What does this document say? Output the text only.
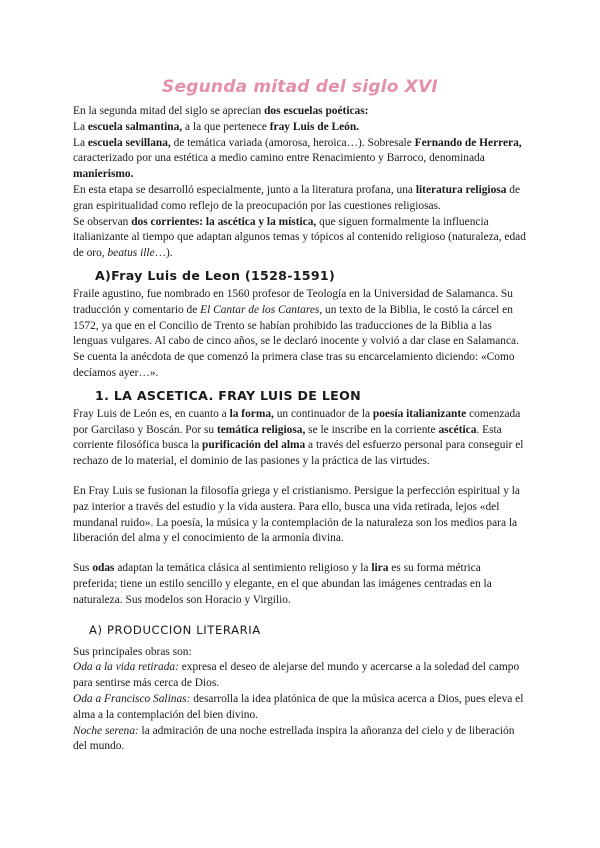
Segunda mitad del siglo XVI

En la segunda mitad del siglo se aprecian dos escuelas poéticas:

La escuela salmantina, a la que pertenece fray Luis de León.

La escuela sevillana, de temática variada (amorosa, heroica…). Sobresale Fernando de Herrera, caracterizado por una estética a medio camino entre Renacimiento y Barroco, denominada manierismo.

En esta etapa se desarrolló especialmente, junto a la literatura profana, una literatura religiosa de gran espiritualidad como reflejo de la preocupación por las cuestiones religiosas.

Se observan dos corrientes: la ascética y la mística, que siguen formalmente la influencia italianizante al tiempo que adaptan algunos temas y tópicos al contenido religioso (naturaleza, edad de oro, beatus ille…).

A)Fray Luis de Leon (1528-1591)

Fraile agustino, fue nombrado en 1560 profesor de Teología en la Universidad de Salamanca. Su traducción y comentario de El Cantar de los Cantares, un texto de la Biblia, le costó la cárcel en 1572, ya que en el Concilio de Trento se habían prohibido las traducciones de la Biblia a las lenguas vulgares. Al cabo de cinco años, se le declaró inocente y volvió a dar clase en Salamanca. Se cuenta la anécdota de que comenzó la primera clase tras su encarcelamiento diciendo: «Como decíamos ayer…».

1. LA ASCETICA. FRAY LUIS DE LEON

Fray Luis de León es, en cuanto a la forma, un continuador de la poesía italianizante comenzada por Garcilaso y Boscán. Por su temática religiosa, se le inscribe en la corriente ascética. Esta corriente filosófica busca la purificación del alma a través del esfuerzo personal para conseguir el rechazo de lo material, el dominio de las pasiones y la práctica de las virtudes.

En Fray Luis se fusionan la filosofía griega y el cristianismo. Persigue la perfección espiritual y la paz interior a través del estudio y la vida austera. Para ello, busca una vida retirada, lejos «del mundanal ruido». La poesía, la música y la contemplación de la naturaleza son los medios para la liberación del alma y el conocimiento de la armonía divina.

Sus odas adaptan la temática clásica al sentimiento religioso y la lira es su forma métrica preferida; tiene un estilo sencillo y elegante, en el que abundan las imágenes centradas en la naturaleza. Sus modelos son Horacio y Virgilio.

A) PRODUCCION LITERARIA

Sus principales obras son:

Oda a la vida retirada: expresa el deseo de alejarse del mundo y acercarse a la soledad del campo para sentirse más cerca de Dios.

Oda a Francisco Salinas: desarrolla la idea platónica de que la música acerca a Dios, pues eleva el alma a la contemplación del bien divino.

Noche serena: la admiración de una noche estrellada inspira la añoranza del cielo y de liberación del mundo.
